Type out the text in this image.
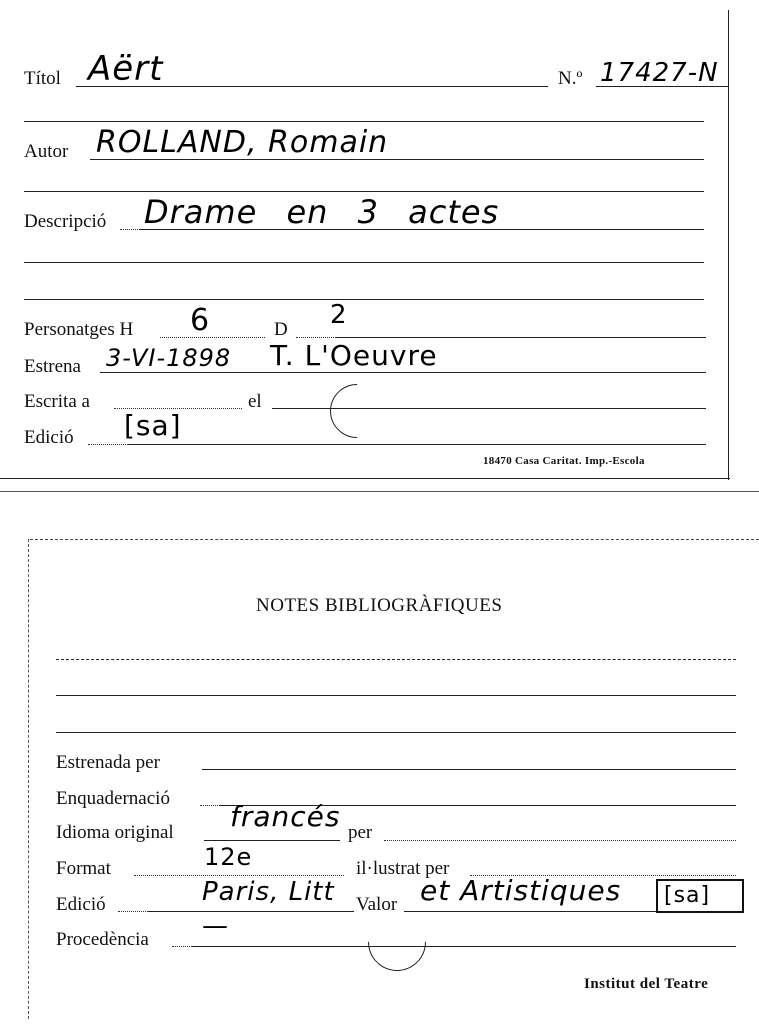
Títol Aërt	N.º 17427-N
Autor ROLLAND, Romain
Descripció Drame en 3 actes
Personatges H 6	D 2
Estrena 3-VI-1898 T. L'Oeuvre
Escrita a	el
Edició [sa]
18470 Casa Caritat. Imp.-Escola
NOTES BIBLIOGRÀFIQUES
Estrenada per
Enquadernació
Idioma original francés per
Format	12e	il·lustrat per
Edició	Paris, Litt Valor et Artistiques [sa]
Procedència —
Institut del Teatre
